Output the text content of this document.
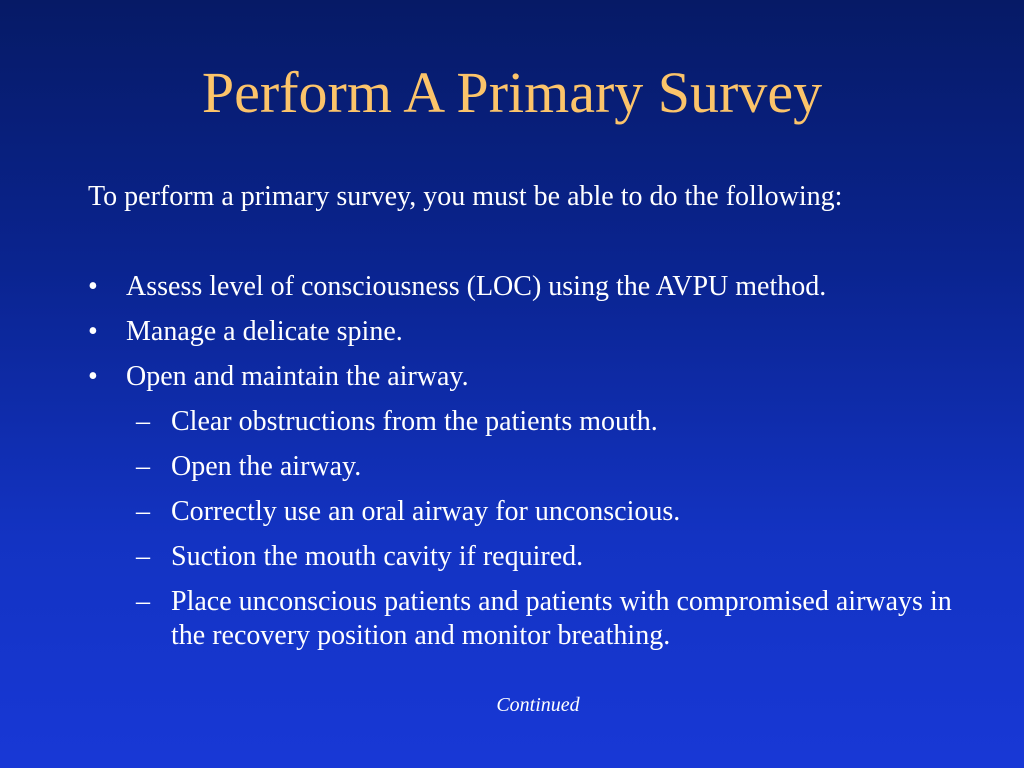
Perform A Primary Survey

To perform a primary survey, you must be able to do the following:

• Assess level of consciousness (LOC) using the AVPU method.
• Manage a delicate spine.
• Open and maintain the airway.
– Clear obstructions from the patients mouth.
– Open the airway.
– Correctly use an oral airway for unconscious.
– Suction the mouth cavity if required.
– Place unconscious patients and patients with compromised airways in the recovery position and monitor breathing.

Continued
